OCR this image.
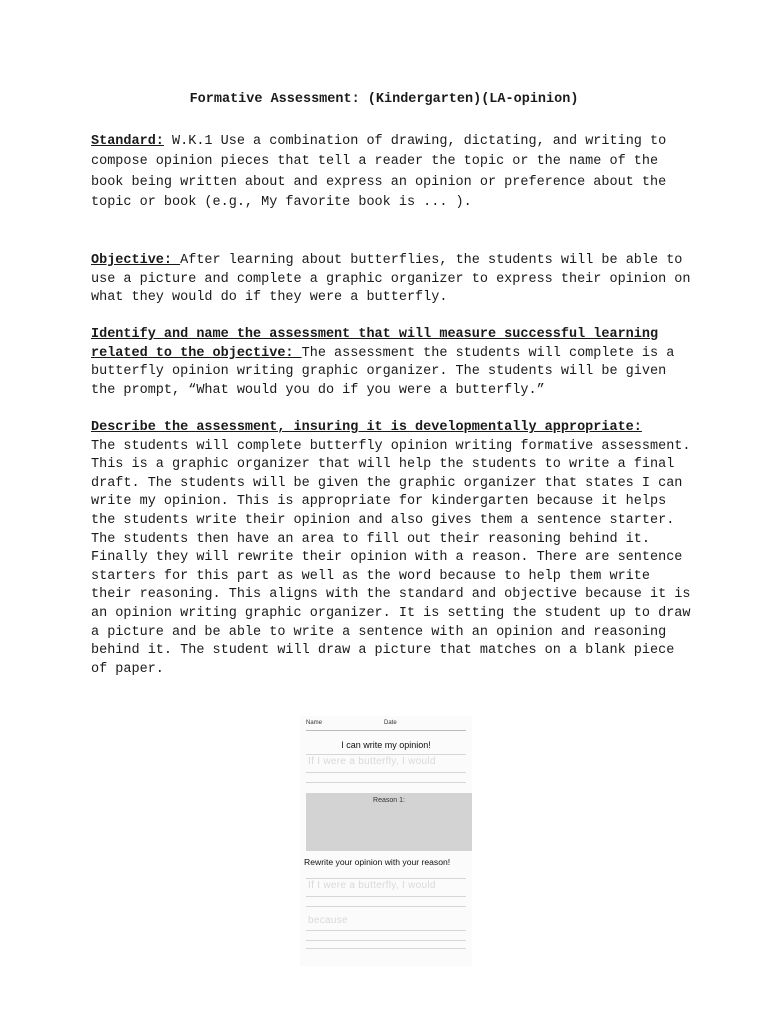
Formative Assessment: (Kindergarten)(LA-opinion)

Standard: W.K.1 Use a combination of drawing, dictating, and writing to compose opinion pieces that tell a reader the topic or the name of the book being written about and express an opinion or preference about the topic or book (e.g., My favorite book is ... ).

Objective: After learning about butterflies, the students will be able to use a picture and complete a graphic organizer to express their opinion on what they would do if they were a butterfly.

Identify and name the assessment that will measure successful learning related to the objective: The assessment the students will complete is a butterfly opinion writing graphic organizer. The students will be given the prompt, “What would you do if you were a butterfly.”

Describe the assessment, insuring it is developmentally appropriate:

The students will complete butterfly opinion writing formative assessment. This is a graphic organizer that will help the students to write a final draft. The students will be given the graphic organizer that states I can write my opinion. This is appropriate for kindergarten because it helps the students write their opinion and also gives them a sentence starter. The students then have an area to fill out their reasoning behind it. Finally they will rewrite their opinion with a reason. There are sentence starters for this part as well as the word because to help them write their reasoning. This aligns with the standard and objective because it is an opinion writing graphic organizer. It is setting the student up to draw a picture and be able to write a sentence with an opinion and reasoning behind it. The student will draw a picture that matches on a blank piece of paper.

Name	Date
I can write my opinion!
If I were a butterfly, I would
Reason 1:
Rewrite your opinion with your reason!
If I were a butterfly, I would
because
